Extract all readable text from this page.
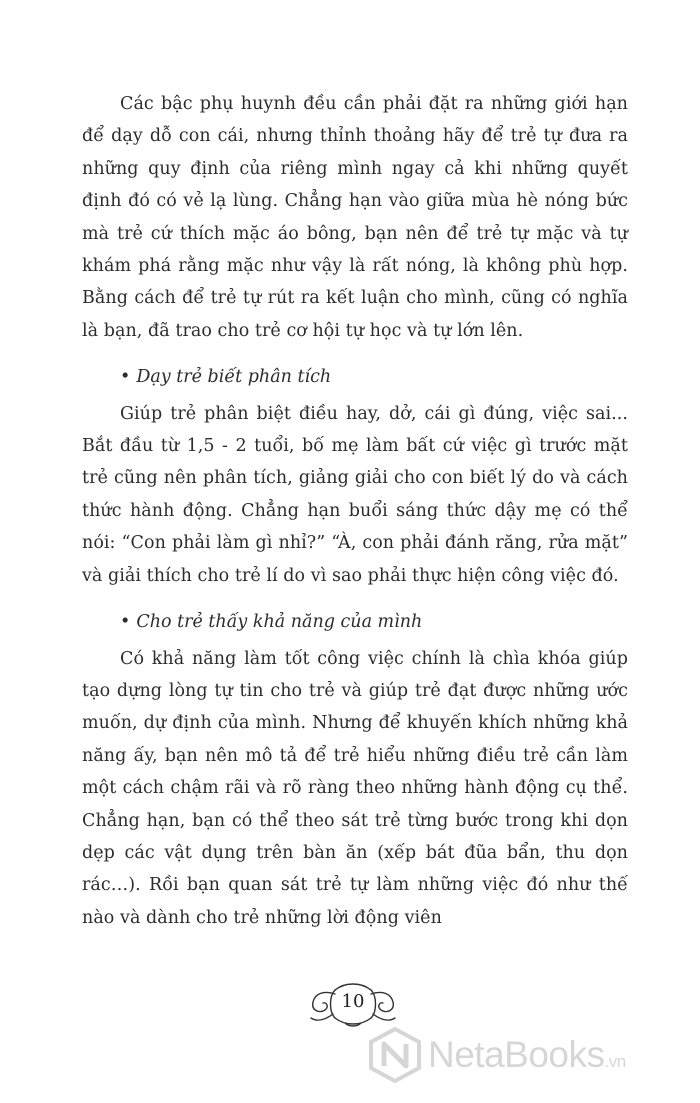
Các bậc phụ huynh đều cần phải đặt ra những giới hạn để dạy dỗ con cái, nhưng thỉnh thoảng hãy để trẻ tự đưa ra những quy định của riêng mình ngay cả khi những quyết định đó có vẻ lạ lùng. Chẳng hạn vào giữa mùa hè nóng bức mà trẻ cứ thích mặc áo bông, bạn nên để trẻ tự mặc và tự khám phá rằng mặc như vậy là rất nóng, là không phù hợp. Bằng cách để trẻ tự rút ra kết luận cho mình, cũng có nghĩa là bạn, đã trao cho trẻ cơ hội tự học và tự lớn lên.

• Dạy trẻ biết phân tích

Giúp trẻ phân biệt điều hay, dở, cái gì đúng, việc sai... Bắt đầu từ 1,5 - 2 tuổi, bố mẹ làm bất cứ việc gì trước mặt trẻ cũng nên phân tích, giảng giải cho con biết lý do và cách thức hành động. Chẳng hạn buổi sáng thức dậy mẹ có thể nói: “Con phải làm gì nhỉ?” “À, con phải đánh răng, rửa mặt” và giải thích cho trẻ lí do vì sao phải thực hiện công việc đó.

• Cho trẻ thấy khả năng của mình

Có khả năng làm tốt công việc chính là chìa khóa giúp tạo dựng lòng tự tin cho trẻ và giúp trẻ đạt được những ước muốn, dự định của mình. Nhưng để khuyến khích những khả năng ấy, bạn nên mô tả để trẻ hiểu những điều trẻ cần làm một cách chậm rãi và rõ ràng theo những hành động cụ thể. Chẳng hạn, bạn có thể theo sát trẻ từng bước trong khi dọn dẹp các vật dụng trên bàn ăn (xếp bát đũa bẩn, thu dọn rác…). Rồi bạn quan sát trẻ tự làm những việc đó như thế nào và dành cho trẻ những lời động viên

10
NetaBooks.vn
